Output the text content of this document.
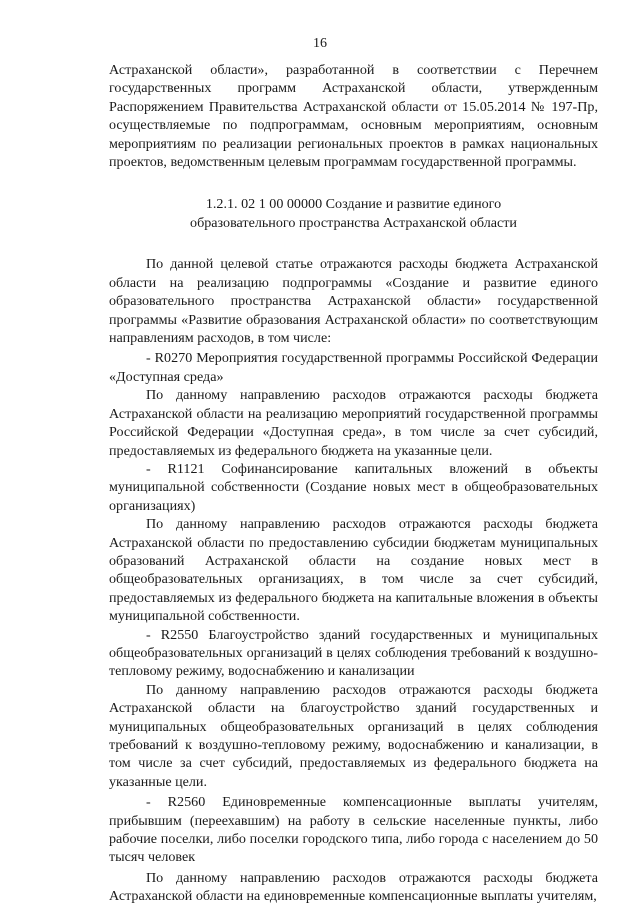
16

Астраханской области», разработанной в соответствии с Перечнем государственных программ Астраханской области, утвержденным Распоряжением Правительства Астраханской области от 15.05.2014 № 197-Пр, осуществляемые по подпрограммам, основным мероприятиям, основным мероприятиям по реализации региональных проектов в рамках национальных проектов, ведомственным целевым программам государственной программы.

1.2.1. 02 1 00 00000 Создание и развитие единого
образовательного пространства Астраханской области

По данной целевой статье отражаются расходы бюджета Астраханской области на реализацию подпрограммы «Создание и развитие единого образовательного пространства Астраханской области» государственной программы «Развитие образования Астраханской области» по соответствующим направлениям расходов, в том числе:

- R0270 Мероприятия государственной программы Российской Федерации «Доступная среда»

По данному направлению расходов отражаются расходы бюджета Астраханской области на реализацию мероприятий государственной программы Российской Федерации «Доступная среда», в том числе за счет субсидий, предоставляемых из федерального бюджета на указанные цели.

- R1121 Софинансирование капитальных вложений в объекты муниципальной собственности (Создание новых мест в общеобразовательных организациях)

По данному направлению расходов отражаются расходы бюджета Астраханской области по предоставлению субсидии бюджетам муниципальных образований Астраханской области на создание новых мест в общеобразовательных организациях, в том числе за счет субсидий, предоставляемых из федерального бюджета на капитальные вложения в объекты муниципальной собственности.

- R2550 Благоустройство зданий государственных и муниципальных общеобразовательных организаций в целях соблюдения требований к воздушно-тепловому режиму, водоснабжению и канализации

По данному направлению расходов отражаются расходы бюджета Астраханской области на благоустройство зданий государственных и муниципальных общеобразовательных организаций в целях соблюдения требований к воздушно-тепловому режиму, водоснабжению и канализации, в том числе за счет субсидий, предоставляемых из федерального бюджета на указанные цели.

- R2560 Единовременные компенсационные выплаты учителям, прибывшим (переехавшим) на работу в сельские населенные пункты, либо рабочие поселки, либо поселки городского типа, либо города с населением до 50 тысяч человек

По данному направлению расходов отражаются расходы бюджета Астраханской области на единовременные компенсационные выплаты учителям,
